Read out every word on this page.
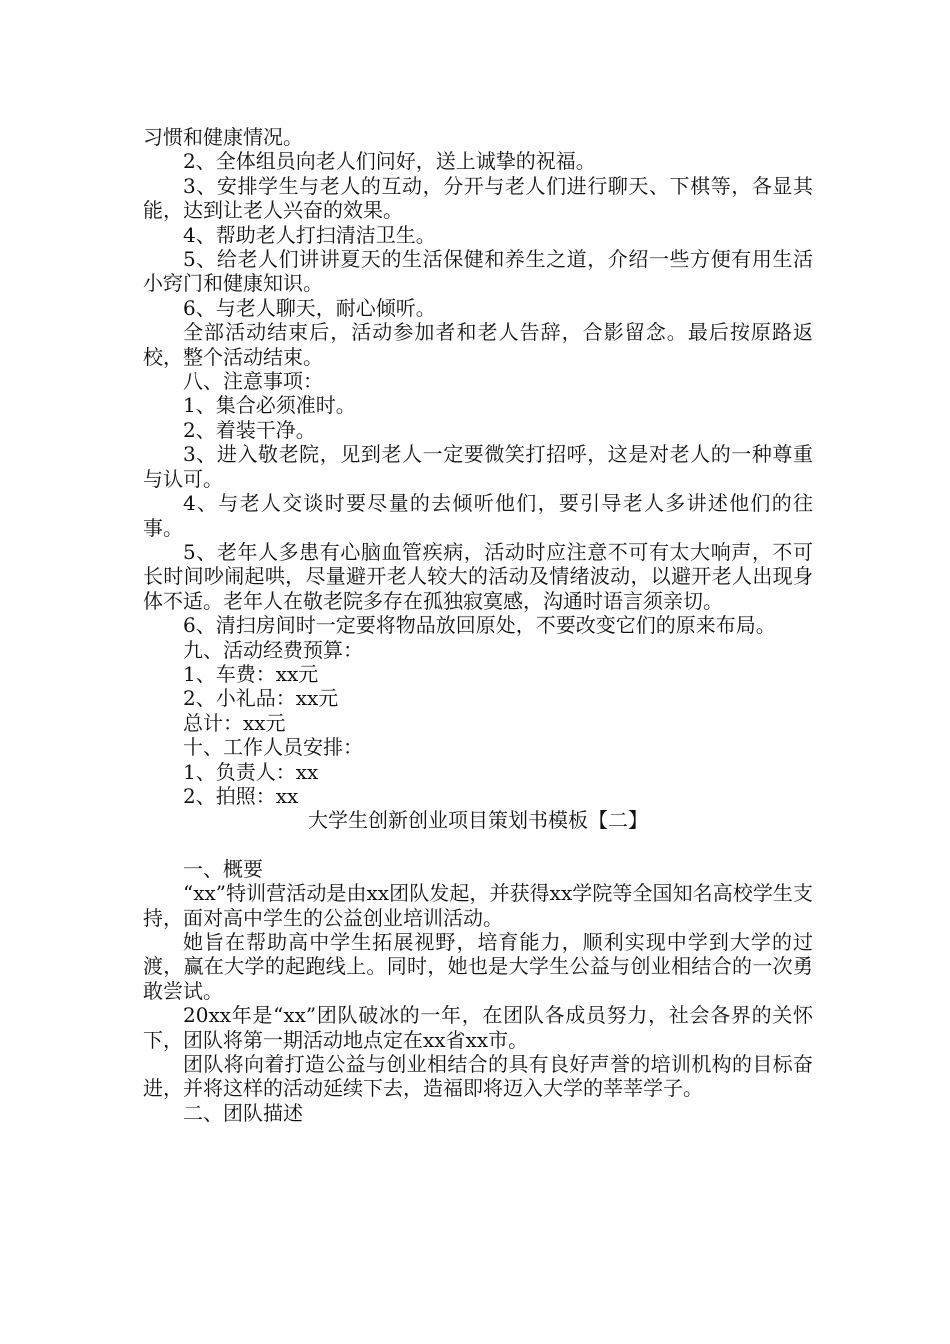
习惯和健康情况。

2、全体组员向老人们问好，送上诚挚的祝福。

3、安排学生与老人的互动，分开与老人们进行聊天、下棋等，各显其能，达到让老人兴奋的效果。

4、帮助老人打扫清洁卫生。

5、给老人们讲讲夏天的生活保健和养生之道，介绍一些方便有用生活小窍门和健康知识。

6、与老人聊天，耐心倾听。

全部活动结束后，活动参加者和老人告辞，合影留念。最后按原路返校，整个活动结束。

八、注意事项：

1、集合必须准时。

2、着装干净。

3、进入敬老院，见到老人一定要微笑打招呼，这是对老人的一种尊重与认可。

4、与老人交谈时要尽量的去倾听他们，要引导老人多讲述他们的往事。

5、老年人多患有心脑血管疾病，活动时应注意不可有太大响声，不可长时间吵闹起哄，尽量避开老人较大的活动及情绪波动，以避开老人出现身体不适。老年人在敬老院多存在孤独寂寞感，沟通时语言须亲切。

6、清扫房间时一定要将物品放回原处，不要改变它们的原来布局。

九、活动经费预算：

1、车费：xx元

2、小礼品：xx元

总计：xx元

十、工作人员安排：

1、负责人：xx

2、拍照：xx

大学生创新创业项目策划书模板【二】

一、概要

“xx”特训营活动是由xx团队发起，并获得xx学院等全国知名高校学生支持，面对高中学生的公益创业培训活动。

她旨在帮助高中学生拓展视野，培育能力，顺利实现中学到大学的过渡，赢在大学的起跑线上。同时，她也是大学生公益与创业相结合的一次勇敢尝试。

20xx年是“xx”团队破冰的一年，在团队各成员努力，社会各界的关怀下，团队将第一期活动地点定在xx省xx市。

团队将向着打造公益与创业相结合的具有良好声誉的培训机构的目标奋进，并将这样的活动延续下去，造福即将迈入大学的莘莘学子。

二、团队描述
